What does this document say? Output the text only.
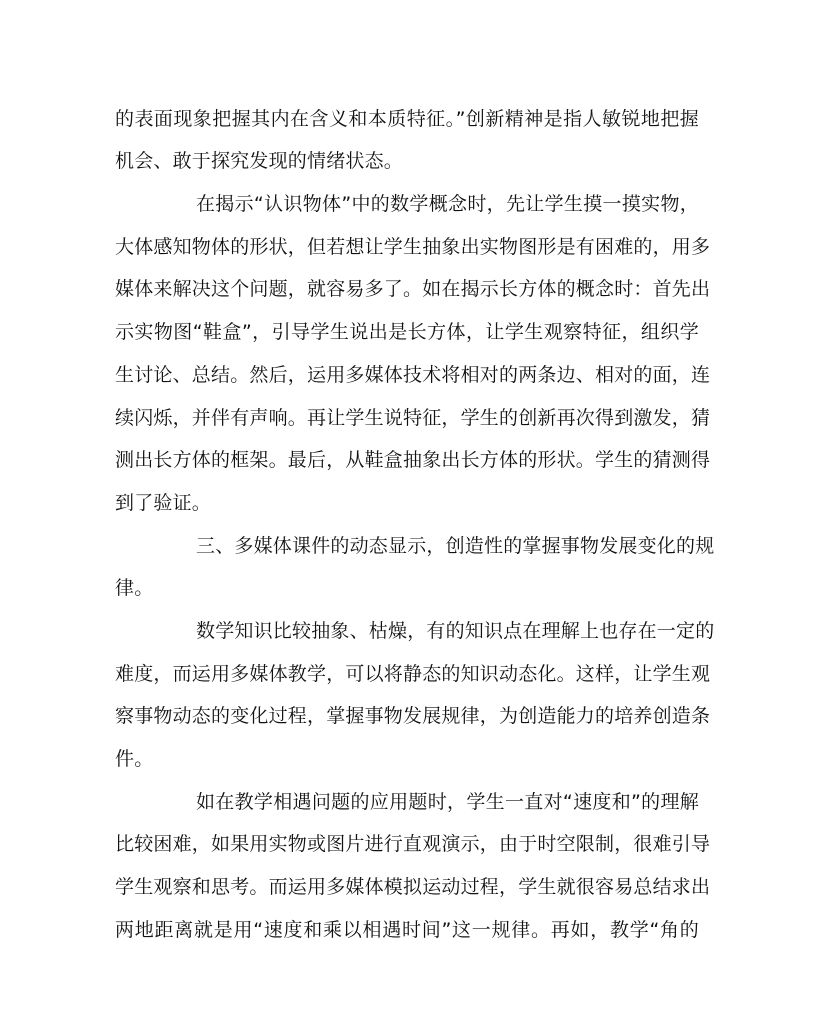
的表面现象把握其内在含义和本质特征。”创新精神是指人敏锐地把握
机会、敢于探究发现的情绪状态。
在揭示“认识物体”中的数学概念时，先让学生摸一摸实物，
大体感知物体的形状，但若想让学生抽象出实物图形是有困难的，用多
媒体来解决这个问题，就容易多了。如在揭示长方体的概念时：首先出
示实物图“鞋盒”，引导学生说出是长方体，让学生观察特征，组织学
生讨论、总结。然后，运用多媒体技术将相对的两条边、相对的面，连
续闪烁，并伴有声响。再让学生说特征，学生的创新再次得到激发，猜
测出长方体的框架。最后，从鞋盒抽象出长方体的形状。学生的猜测得
到了验证。
三、多媒体课件的动态显示，创造性的掌握事物发展变化的规
律。
数学知识比较抽象、枯燥，有的知识点在理解上也存在一定的
难度，而运用多媒体教学，可以将静态的知识动态化。这样，让学生观
察事物动态的变化过程，掌握事物发展规律，为创造能力的培养创造条
件。
如在教学相遇问题的应用题时，学生一直对“速度和”的理解
比较困难，如果用实物或图片进行直观演示，由于时空限制，很难引导
学生观察和思考。而运用多媒体模拟运动过程，学生就很容易总结求出
两地距离就是用“速度和乘以相遇时间”这一规律。再如，教学“角的
